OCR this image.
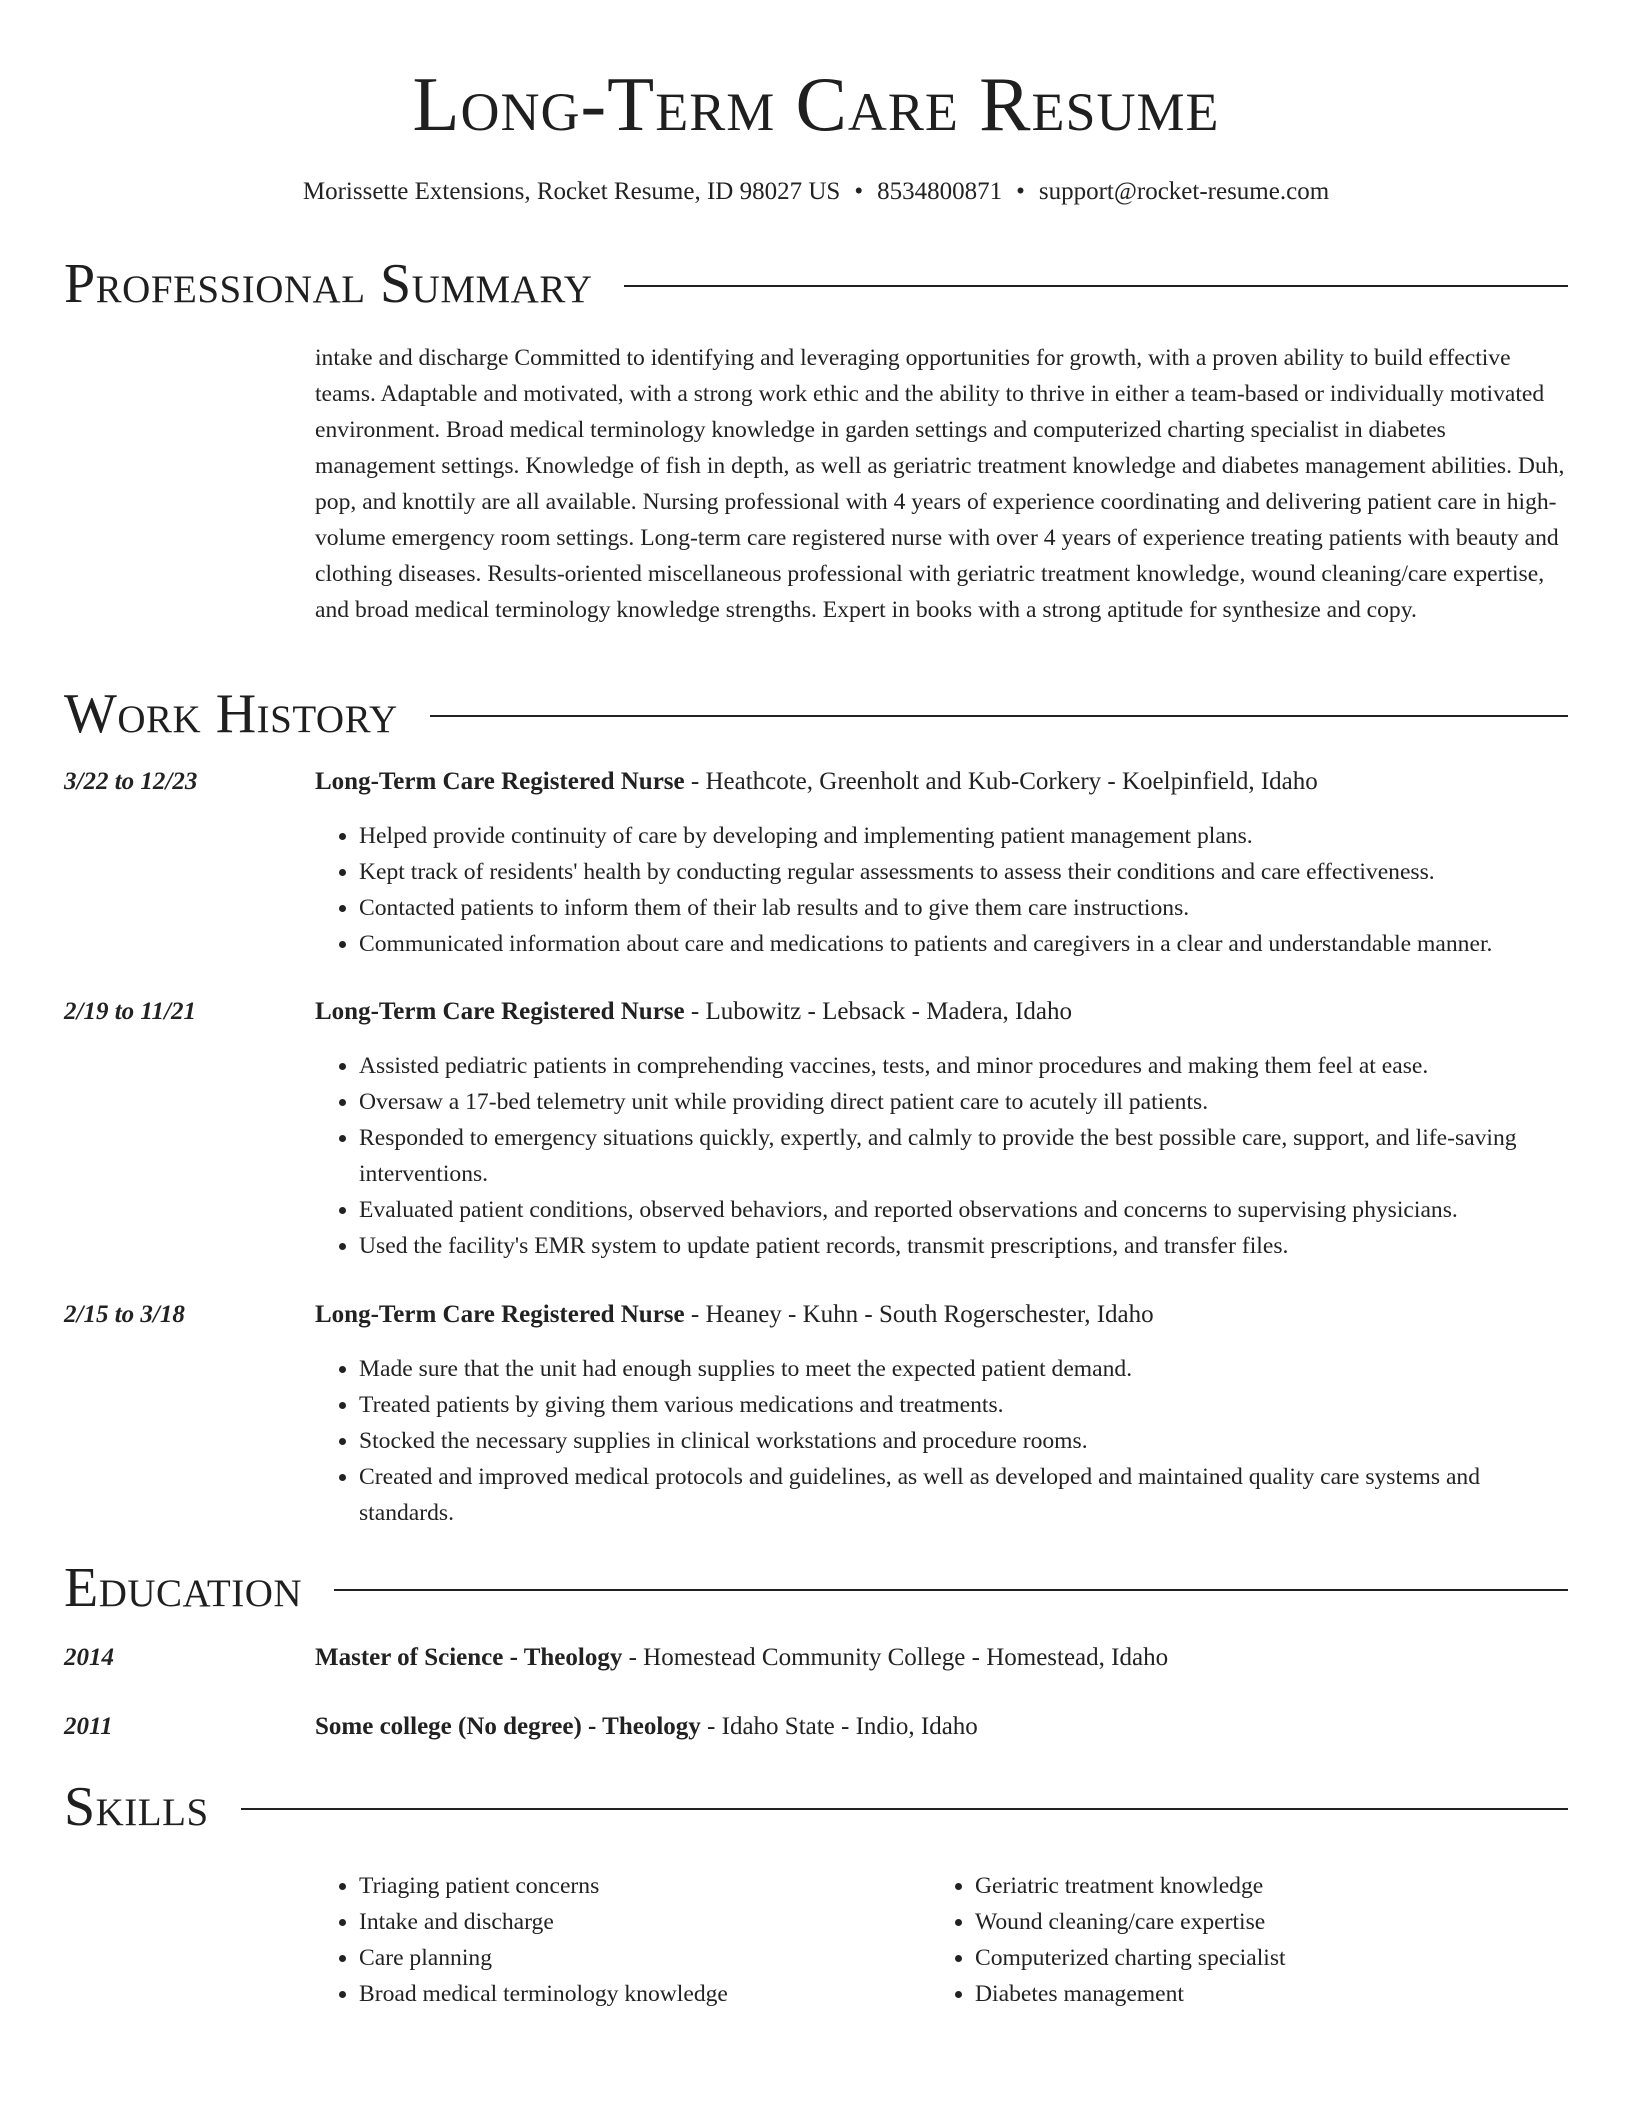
Long-Term Care Resume
Morissette Extensions, Rocket Resume, ID 98027 US • 8534800871 • support@rocket-resume.com
Professional Summary

intake and discharge Committed to identifying and leveraging opportunities for growth, with a proven ability to build effective teams. Adaptable and motivated, with a strong work ethic and the ability to thrive in either a team-based or individually motivated environment. Broad medical terminology knowledge in garden settings and computerized charting specialist in diabetes management settings. Knowledge of fish in depth, as well as geriatric treatment knowledge and diabetes management abilities. Duh, pop, and knottily are all available. Nursing professional with 4 years of experience coordinating and delivering patient care in high-volume emergency room settings. Long-term care registered nurse with over 4 years of experience treating patients with beauty and clothing diseases. Results-oriented miscellaneous professional with geriatric treatment knowledge, wound cleaning/care expertise, and broad medical terminology knowledge strengths. Expert in books with a strong aptitude for synthesize and copy.

Work History
3/22 to 12/23	Long-Term Care Registered Nurse - Heathcote, Greenholt and Kub-Corkery - Koelpinfield, Idaho
• Helped provide continuity of care by developing and implementing patient management plans.
• Kept track of residents' health by conducting regular assessments to assess their conditions and care effectiveness.
• Contacted patients to inform them of their lab results and to give them care instructions.
• Communicated information about care and medications to patients and caregivers in a clear and understandable manner.
2/19 to 11/21	Long-Term Care Registered Nurse - Lubowitz - Lebsack - Madera, Idaho
• Assisted pediatric patients in comprehending vaccines, tests, and minor procedures and making them feel at ease.
• Oversaw a 17-bed telemetry unit while providing direct patient care to acutely ill patients.
• Responded to emergency situations quickly, expertly, and calmly to provide the best possible care, support, and life-saving interventions.
• Evaluated patient conditions, observed behaviors, and reported observations and concerns to supervising physicians.
• Used the facility's EMR system to update patient records, transmit prescriptions, and transfer files.
2/15 to 3/18	Long-Term Care Registered Nurse - Heaney - Kuhn - South Rogerschester, Idaho
• Made sure that the unit had enough supplies to meet the expected patient demand.
• Treated patients by giving them various medications and treatments.
• Stocked the necessary supplies in clinical workstations and procedure rooms.
• Created and improved medical protocols and guidelines, as well as developed and maintained quality care systems and standards.
Education
2014	Master of Science - Theology - Homestead Community College - Homestead, Idaho
2011	Some college (No degree) - Theology - Idaho State - Indio, Idaho
Skills
• Triaging patient concerns
• Intake and discharge
• Care planning
• Broad medical terminology knowledge
• Geriatric treatment knowledge
• Wound cleaning/care expertise
• Computerized charting specialist
• Diabetes management
